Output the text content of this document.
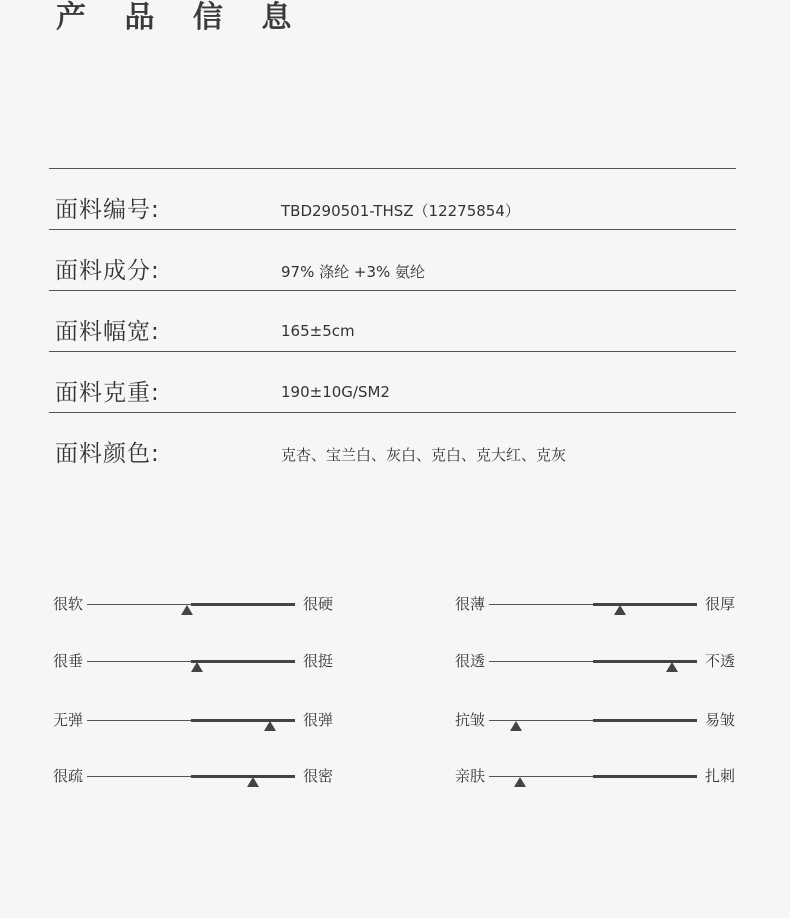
产 品 信 息
面料编号:	TBD290501-THSZ（12275854）
面料成分:	97% 涤纶 +3% 氨纶
面料幅宽:	165±5cm
面料克重:	190±10G/SM2
面料颜色:	克杏、宝兰白、灰白、克白、克大红、克灰
很软	很硬	很薄	很厚
很垂	很挺	很透	不透
无弹	很弹	抗皱	易皱
很疏	很密	亲肤	扎刺
